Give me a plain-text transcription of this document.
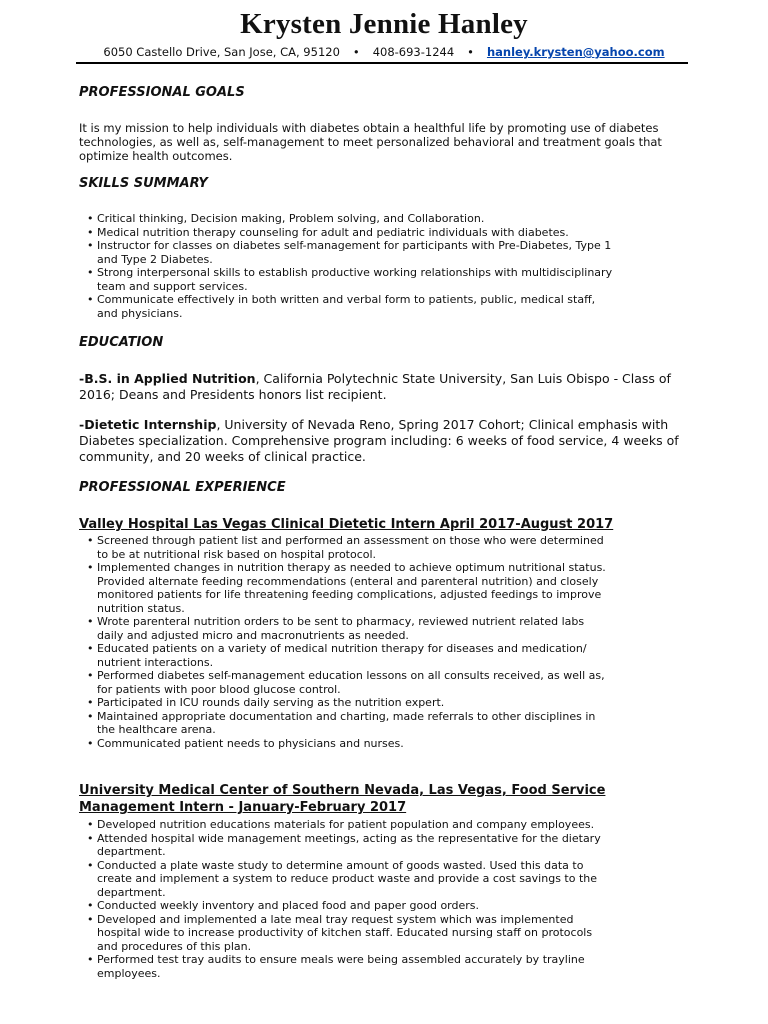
Krysten Jennie Hanley
6050 Castello Drive, San Jose, CA, 95120 • 408-693-1244 • hanley.krysten@yahoo.com
PROFESSIONAL GOALS
It is my mission to help individuals with diabetes obtain a healthful life by promoting use of diabetes technologies, as well as, self-management to meet personalized behavioral and treatment goals that optimize health outcomes.
SKILLS SUMMARY
• Critical thinking, Decision making, Problem solving, and Collaboration.
• Medical nutrition therapy counseling for adult and pediatric individuals with diabetes.
• Instructor for classes on diabetes self-management for participants with Pre-Diabetes, Type 1 and Type 2 Diabetes.
• Strong interpersonal skills to establish productive working relationships with multidisciplinary team and support services.
• Communicate effectively in both written and verbal form to patients, public, medical staff, and physicians.
EDUCATION
-B.S. in Applied Nutrition, California Polytechnic State University, San Luis Obispo - Class of 2016; Deans and Presidents honors list recipient.
-Dietetic Internship, University of Nevada Reno, Spring 2017 Cohort; Clinical emphasis with Diabetes specialization. Comprehensive program including: 6 weeks of food service, 4 weeks of community, and 20 weeks of clinical practice.
PROFESSIONAL EXPERIENCE
Valley Hospital Las Vegas Clinical Dietetic Intern April 2017-August 2017
• Screened through patient list and performed an assessment on those who were determined to be at nutritional risk based on hospital protocol.
• Implemented changes in nutrition therapy as needed to achieve optimum nutritional status. Provided alternate feeding recommendations (enteral and parenteral nutrition) and closely monitored patients for life threatening feeding complications, adjusted feedings to improve nutrition status.
• Wrote parenteral nutrition orders to be sent to pharmacy, reviewed nutrient related labs daily and adjusted micro and macronutrients as needed.
• Educated patients on a variety of medical nutrition therapy for diseases and medication/ nutrient interactions.
• Performed diabetes self-management education lessons on all consults received, as well as, for patients with poor blood glucose control.
• Participated in ICU rounds daily serving as the nutrition expert.
• Maintained appropriate documentation and charting, made referrals to other disciplines in the healthcare arena.
• Communicated patient needs to physicians and nurses.
University Medical Center of Southern Nevada, Las Vegas, Food Service Management Intern - January-February 2017
• Developed nutrition educations materials for patient population and company employees.
• Attended hospital wide management meetings, acting as the representative for the dietary department.
• Conducted a plate waste study to determine amount of goods wasted. Used this data to create and implement a system to reduce product waste and provide a cost savings to the department.
• Conducted weekly inventory and placed food and paper good orders.
• Developed and implemented a late meal tray request system which was implemented hospital wide to increase productivity of kitchen staff. Educated nursing staff on protocols and procedures of this plan.
• Performed test tray audits to ensure meals were being assembled accurately by trayline employees.
